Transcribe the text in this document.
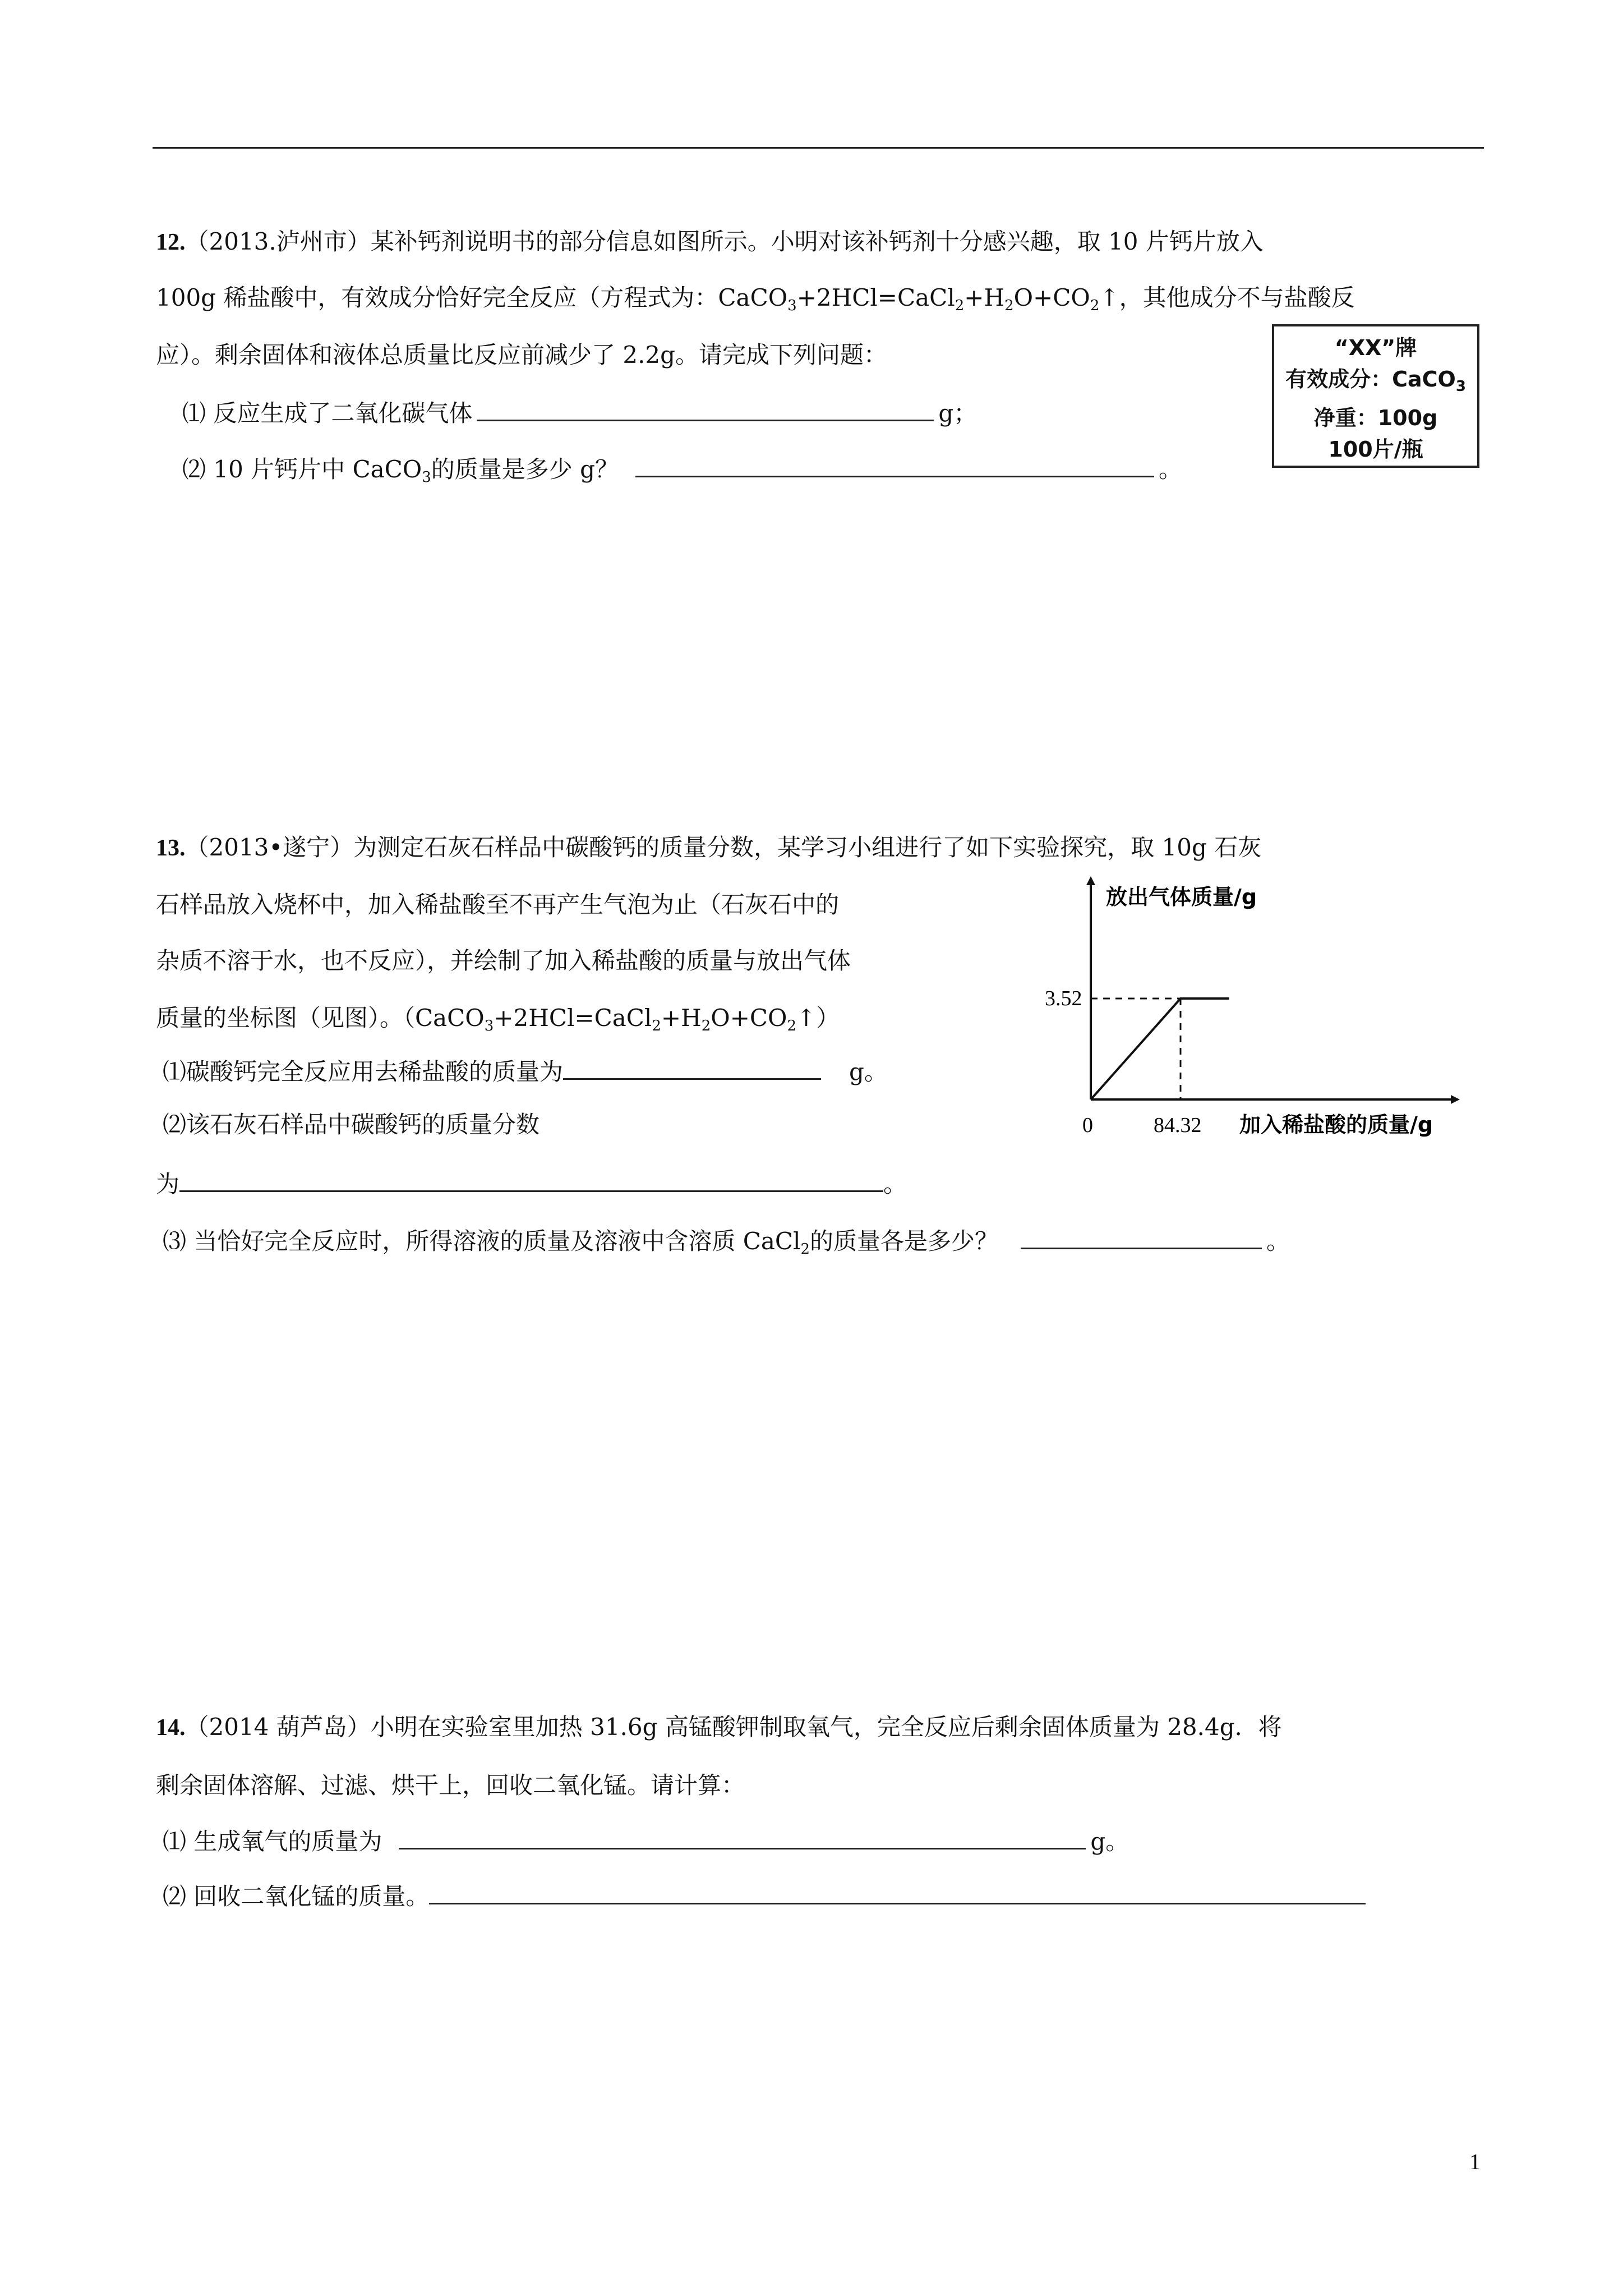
12.（2013.泸州市）某补钙剂说明书的部分信息如图所示。小明对该补钙剂十分感兴趣，取 10 片钙片放入
100g 稀盐酸中，有效成分恰好完全反应（方程式为：$CaCO_3+2HCl=CaCl_2+H_2O+CO_2↑$，其他成分不与盐酸反
应）。剩余固体和液体总质量比反应前减少了 2.2g。请完成下列问题：
⑴ 反应生成了二氧化碳气体	g；
⑵ 10 片钙片中 CaCO$_3$的质量是多少 g？	。
“XX”牌
有效成分：CaCO$_3$
净重：100g
100片/瓶
13.（2013•遂宁）为测定石灰石样品中碳酸钙的质量分数，某学习小组进行了如下实验探究，取 10g 石灰
石样品放入烧杯中，加入稀盐酸至不再产生气泡为止（石灰石中的
杂质不溶于水，也不反应），并绘制了加入稀盐酸的质量与放出气体
质量的坐标图（见图）。$(CaCO_3+2HCl=CaCl_2+H_2O+CO_2↑)$
⑴碳酸钙完全反应用去稀盐酸的质量为	g。
⑵该石灰石样品中碳酸钙的质量分数
为	。
⑶ 当恰好完全反应时，所得溶液的质量及溶液中含溶质 CaCl$_2$的质量各是多少？	。
放出气体质量/g
加入稀盐酸的质量/g
0
3.52
84.32
14.（2014 葫芦岛）小明在实验室里加热 31.6g 高锰酸钾制取氧气，完全反应后剩余固体质量为 28.4g．将
剩余固体溶解、过滤、烘干上，回收二氧化锰。请计算：
⑴ 生成氧气的质量为	g。
⑵ 回收二氧化锰的质量。
1
